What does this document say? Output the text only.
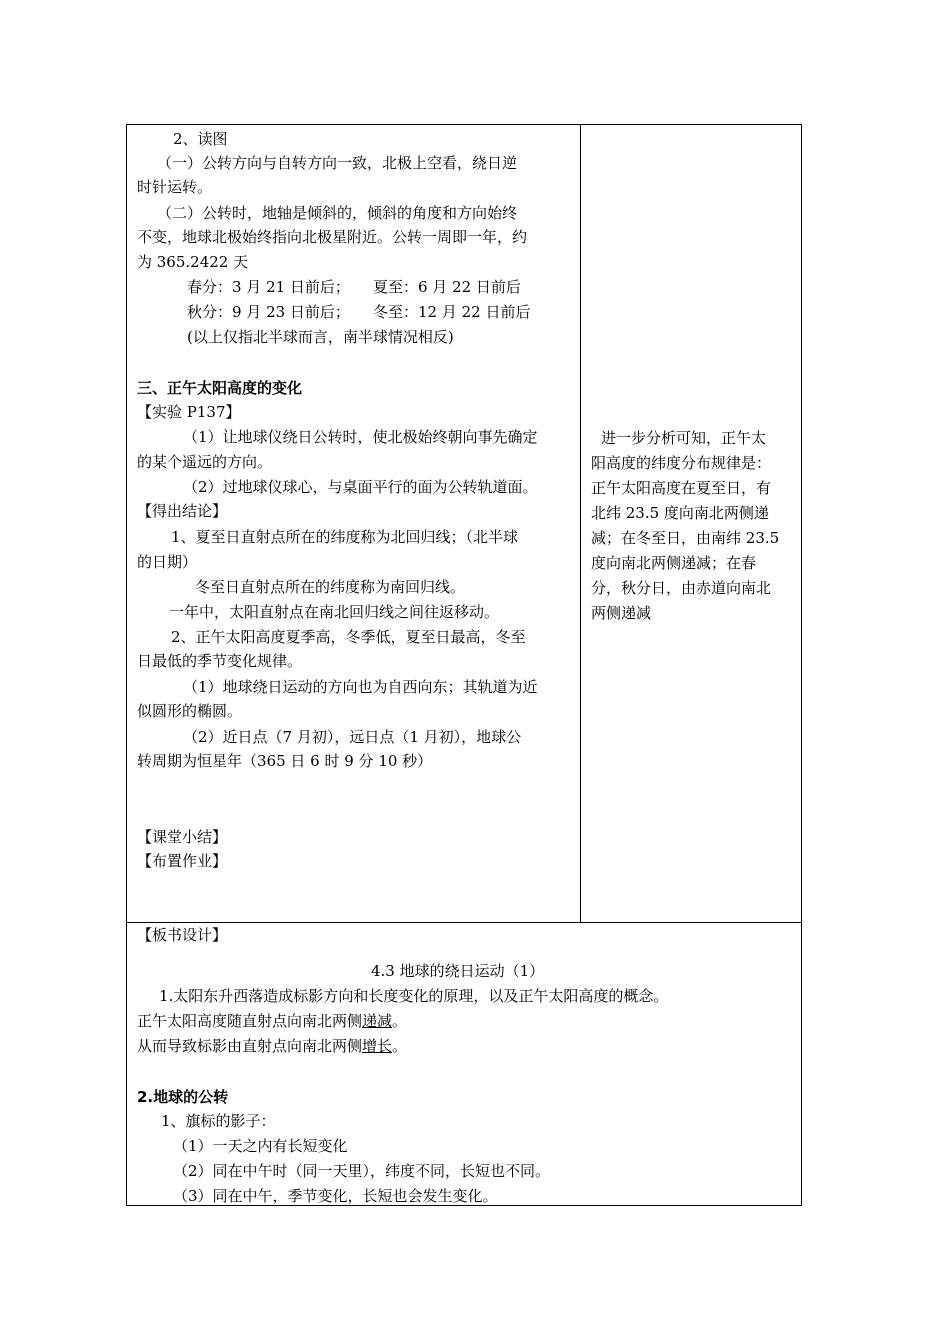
2、读图
（一）公转方向与自转方向一致，北极上空看，绕日逆
时针运转。
（二）公转时，地轴是倾斜的，倾斜的角度和方向始终
不变，地球北极始终指向北极星附近。公转一周即一年，约
为 365.2422 天
春分：3 月 21 日前后； 夏至：6 月 22 日前后
秋分：9 月 23 日前后； 冬至：12 月 22 日前后
(以上仅指北半球而言，南半球情况相反)
三、正午太阳高度的变化
【实验 P137】
（1）让地球仪绕日公转时，使北极始终朝向事先确定
的某个遥远的方向。
（2）过地球仪球心，与桌面平行的面为公转轨道面。
【得出结论】
1、夏至日直射点所在的纬度称为北回归线；（北半球
的日期）
冬至日直射点所在的纬度称为南回归线。
一年中，太阳直射点在南北回归线之间往返移动。
2、正午太阳高度夏季高，冬季低，夏至日最高，冬至
日最低的季节变化规律。
（1）地球绕日运动的方向也为自西向东；其轨道为近
似圆形的椭圆。
（2）近日点（7 月初），远日点（1 月初），地球公
转周期为恒星年（365 日 6 时 9 分 10 秒）
【课堂小结】
【布置作业】
进一步分析可知，正午太
阳高度的纬度分布规律是：
正午太阳高度在夏至日，有
北纬 23.5 度向南北两侧递
减；在冬至日，由南纬 23.5
度向南北两侧递减；在春
分，秋分日，由赤道向南北
两侧递减
【板书设计】
4.3 地球的绕日运动（1）
1.太阳东升西落造成标影方向和长度变化的原理，以及正午太阳高度的概念。
正午太阳高度随直射点向南北两侧递减。
从而导致标影由直射点向南北两侧增长。
2.地球的公转
1、旗标的影子：
（1）一天之内有长短变化
（2）同在中午时（同一天里），纬度不同，长短也不同。
（3）同在中午，季节变化，长短也会发生变化。
